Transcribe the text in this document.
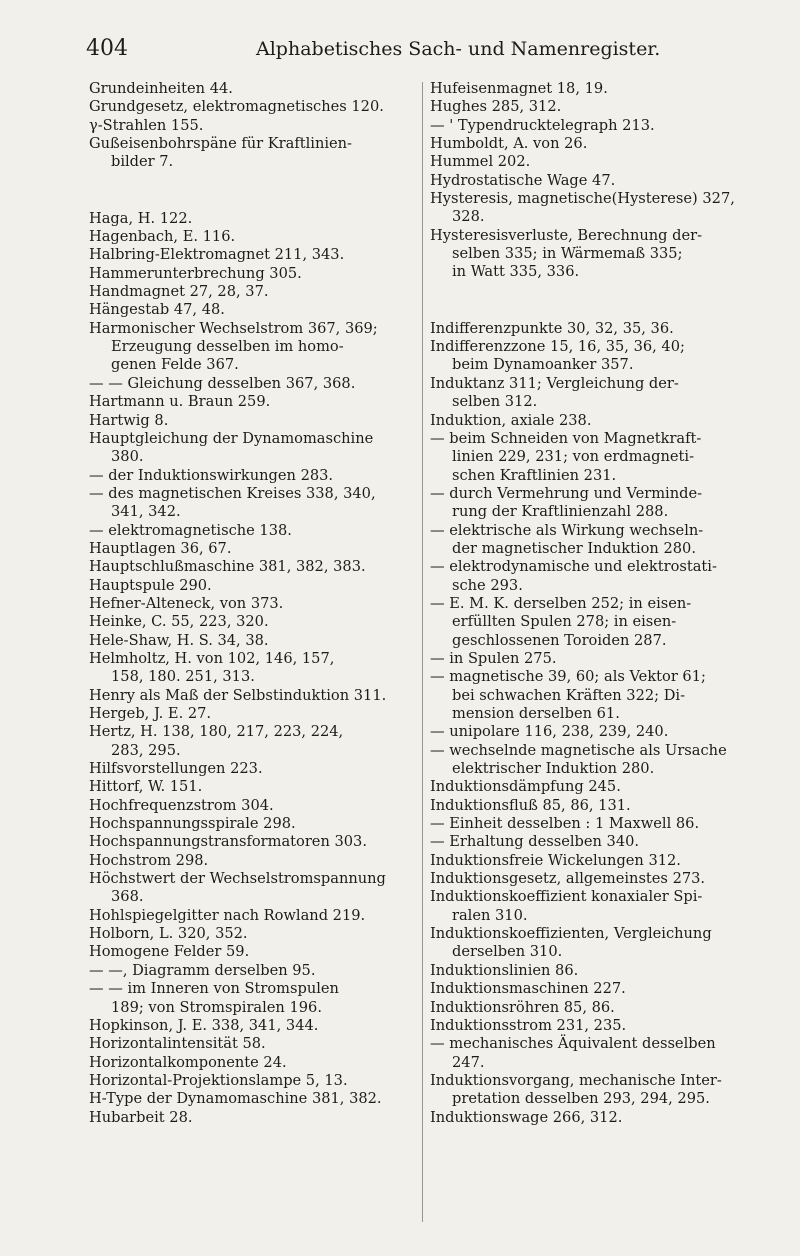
404	Alphabetisches Sach- und Namenregister.
Grundeinheiten 44.
Grundgesetz, elektromagnetisches 120.
γ-Strahlen 155.
Gußeisenbohrspäne für Kraftlinien-

bilder 7.
Haga, H. 122.
Hagenbach, E. 116.
Halbring-Elektromagnet 211, 343.
Hammerunterbrechung 305.
Handmagnet 27, 28, 37.
Hängestab 47, 48.
Harmonischer Wechselstrom 367, 369;

Erzeugung desselben im homo-
genen Felde 367.
— — Gleichung desselben 367, 368.
Hartmann u. Braun 259.
Hartwig 8.
Hauptgleichung der Dynamomaschine

380.
— der Induktionswirkungen 283.
— des magnetischen Kreises 338, 340,

341, 342.
— elektromagnetische 138.
Hauptlagen 36, 67.
Hauptschlußmaschine 381, 382, 383.
Hauptspule 290.
Hefner-Alteneck, von 373.
Heinke, C. 55, 223, 320.
Hele-Shaw, H. S. 34, 38.
Helmholtz, H. von 102, 146, 157,

158, 180. 251, 313.
Henry als Maß der Selbstinduktion 311.
Hergeb, J. E. 27.
Hertz, H. 138, 180, 217, 223, 224,

283, 295.
Hilfsvorstellungen 223.
Hittorf, W. 151.
Hochfrequenzstrom 304.
Hochspannungsspirale 298.
Hochspannungstransformatoren 303.
Hochstrom 298.
Höchstwert der Wechselstromspannung

368.
Hohlspiegelgitter nach Rowland 219.
Holborn, L. 320, 352.
Homogene Felder 59.
— —, Diagramm derselben 95.
— — im Inneren von Stromspulen

189; von Stromspiralen 196.
Hopkinson, J. E. 338, 341, 344.
Horizontalintensität 58.
Horizontalkomponente 24.
Horizontal-Projektionslampe 5, 13.
H-Type der Dynamomaschine 381, 382.
Hubarbeit 28.
Hufeisenmagnet 18, 19.
Hughes 285, 312.
— ' Typendrucktelegraph 213.
Humboldt, A. von 26.
Hummel 202.
Hydrostatische Wage 47.
Hysteresis, magnetische(Hysterese) 327,

328.
Hysteresisverluste, Berechnung der-

selben 335; in Wärmemaß 335;
in Watt 335, 336.
Indifferenzpunkte 30, 32, 35, 36.
Indifferenzzone 15, 16, 35, 36, 40;

beim Dynamoanker 357.
Induktanz 311; Vergleichung der-

selben 312.
Induktion, axiale 238.
— beim Schneiden von Magnetkraft-

linien 229, 231; von erdmagneti-
schen Kraftlinien 231.
— durch Vermehrung und Verminde-

rung der Kraftlinienzahl 288.
— elektrische als Wirkung wechseln-

der magnetischer Induktion 280.
— elektrodynamische und elektrostati-

sche 293.
— E. M. K. derselben 252; in eisen-

erfüllten Spulen 278; in eisen-
geschlossenen Toroiden 287.
— in Spulen 275.
— magnetische 39, 60; als Vektor 61;

bei schwachen Kräften 322; Di-
mension derselben 61.
— unipolare 116, 238, 239, 240.
— wechselnde magnetische als Ursache

elektrischer Induktion 280.
Induktionsdämpfung 245.
Induktionsfluß 85, 86, 131.
— Einheit desselben : 1 Maxwell 86.
— Erhaltung desselben 340.
Induktionsfreie Wickelungen 312.
Induktionsgesetz, allgemeinstes 273.
Induktionskoeffizient konaxialer Spi-

ralen 310.
Induktionskoeffizienten, Vergleichung

derselben 310.
Induktionslinien 86.
Induktionsmaschinen 227.
Induktionsröhren 85, 86.
Induktionsstrom 231, 235.
— mechanisches Äquivalent desselben

247.
Induktionsvorgang, mechanische Inter-

pretation desselben 293, 294, 295.
Induktionswage 266, 312.
